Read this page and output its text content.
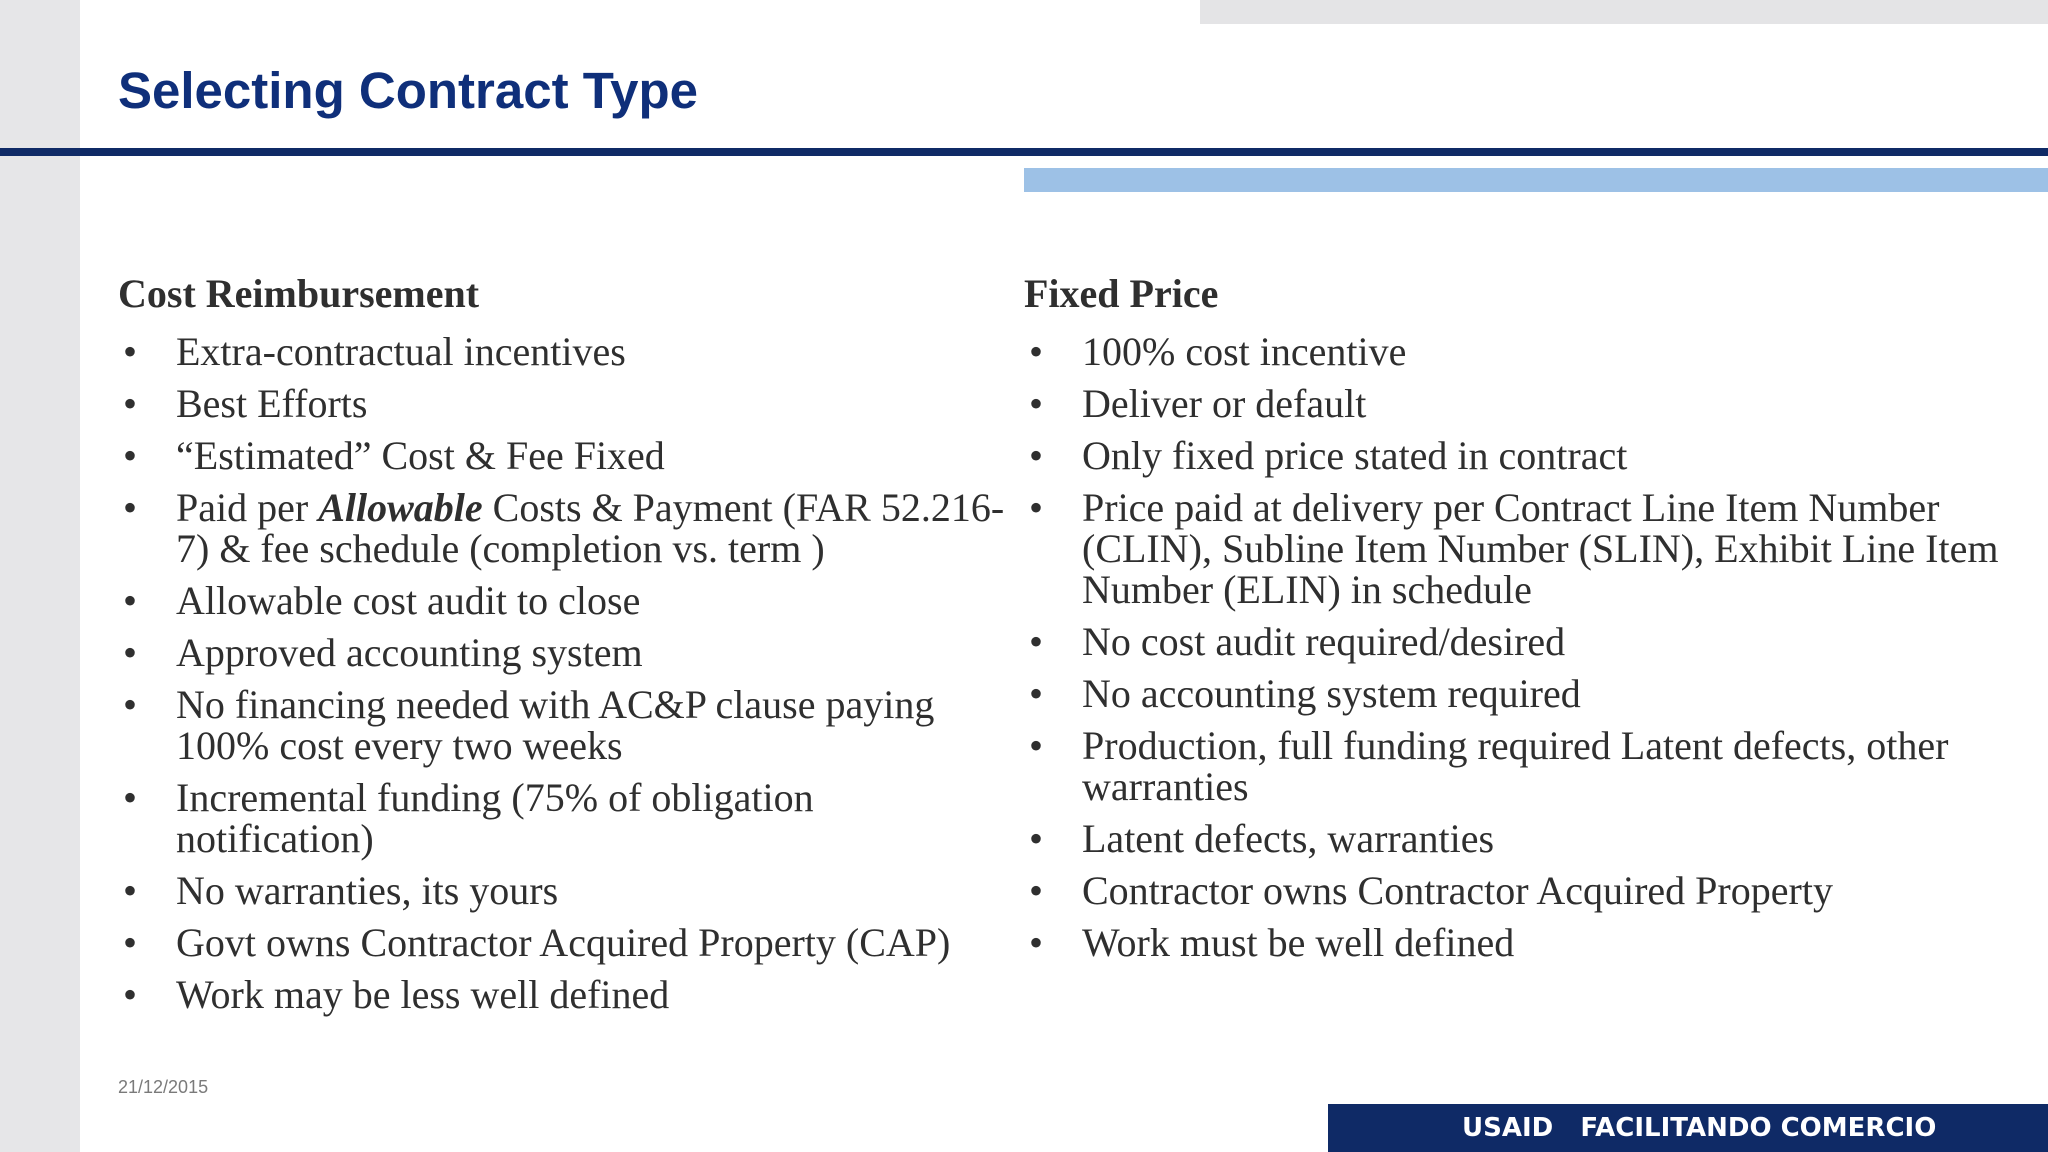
Selecting Contract Type
Cost Reimbursement
• Extra-contractual incentives
• Best Efforts
• “Estimated” Cost & Fee Fixed
• Paid per Allowable Costs & Payment (FAR 52.216-7) & fee schedule (completion vs. term )
• Allowable cost audit to close
• Approved accounting system
• No financing needed with AC&P clause paying 100% cost every two weeks
• Incremental funding (75% of obligation notification)
• No warranties, its yours
• Govt owns Contractor Acquired Property (CAP)
• Work may be less well defined
Fixed Price
• 100% cost incentive
• Deliver or default
• Only fixed price stated in contract
• Price paid at delivery per Contract Line Item Number (CLIN), Subline Item Number (SLIN), Exhibit Line Item Number (ELIN) in schedule
• No cost audit required/desired
• No accounting system required
• Production, full funding required Latent defects, other warranties
• Latent defects, warranties
• Contractor owns Contractor Acquired Property
• Work must be well defined
21/12/2015
USAID   FACILITANDO COMERCIO
